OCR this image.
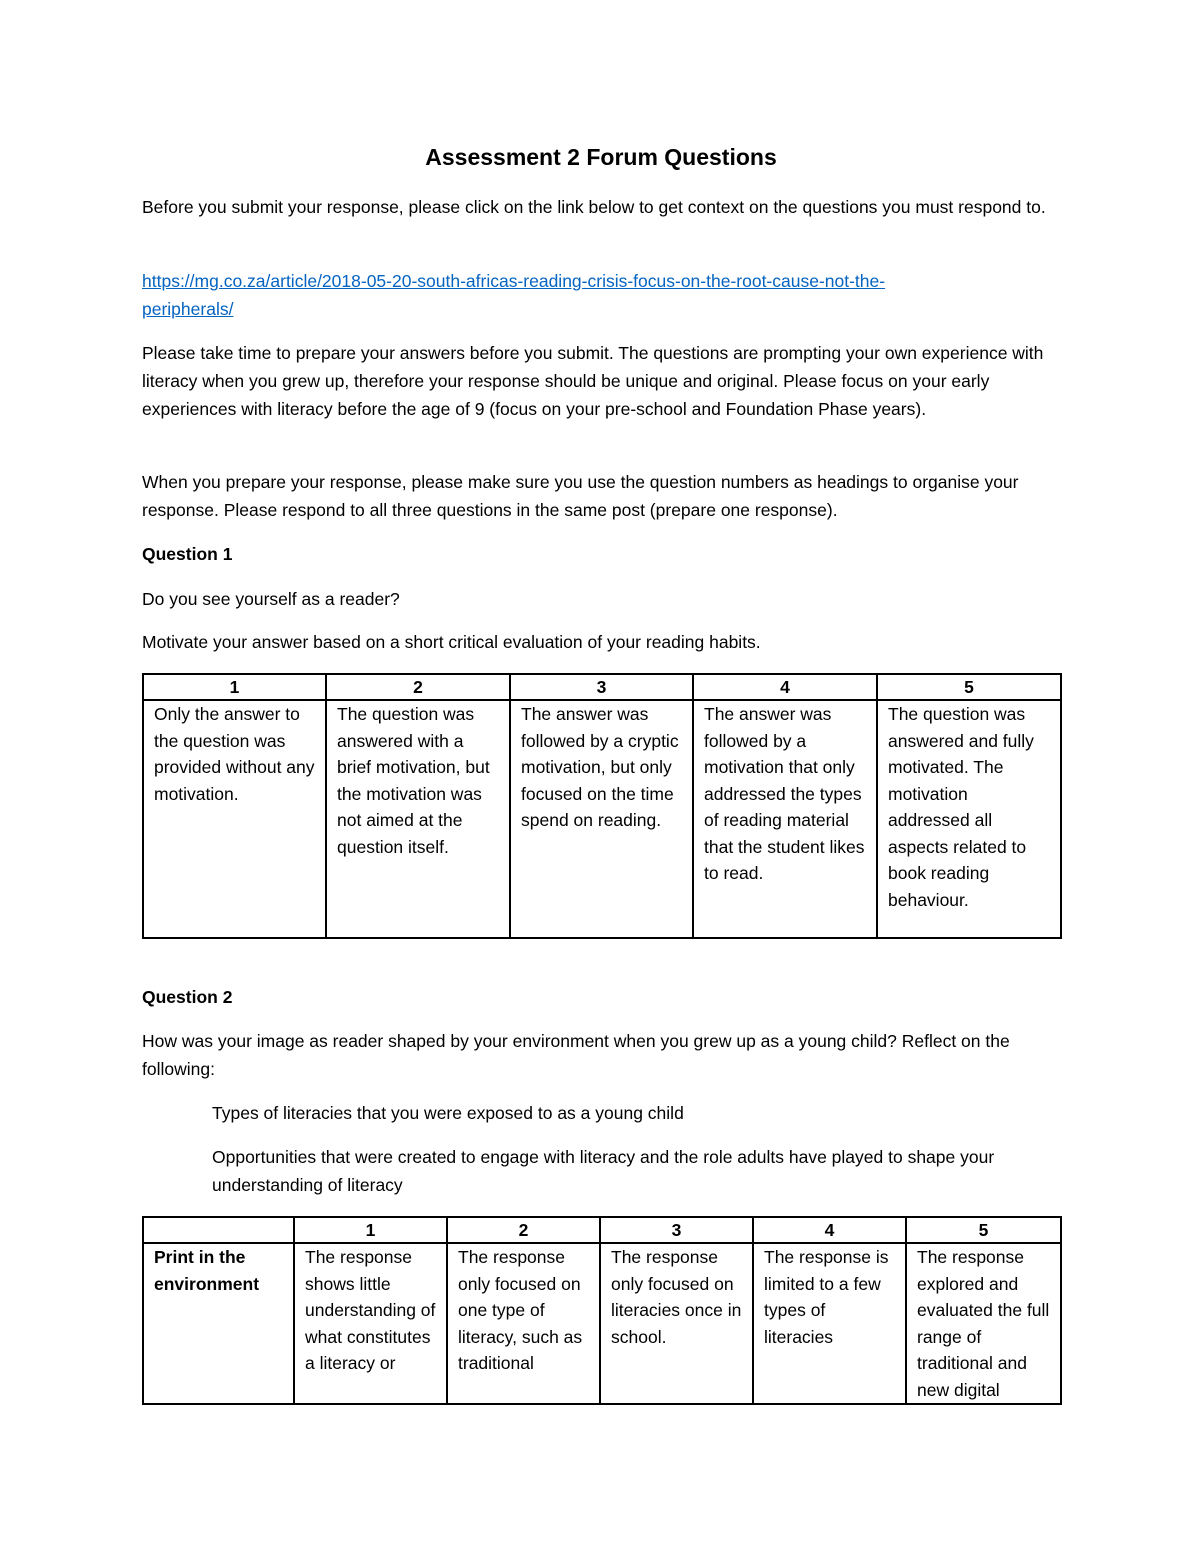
Assessment 2 Forum Questions

Before you submit your response, please click on the link below to get context on the questions you must respond to.

https://mg.co.za/article/2018-05-20-south-africas-reading-crisis-focus-on-the-root-cause-not-the-
peripherals/

Please take time to prepare your answers before you submit. The questions are prompting your own experience with literacy when you grew up, therefore your response should be unique and original. Please focus on your early experiences with literacy before the age of 9 (focus on your pre-school and Foundation Phase years).

When you prepare your response, please make sure you use the question numbers as headings to organise your response. Please respond to all three questions in the same post (prepare one response).

Question 1

Do you see yourself as a reader?

Motivate your answer based on a short critical evaluation of your reading habits.

1	2	3	4	5
Only the answer to the question was provided without any motivation.	The question was answered with a brief motivation, but the motivation was not aimed at the question itself.	The answer was followed by a cryptic motivation, but only focused on the time spend on reading.	The answer was followed by a motivation that only addressed the types of reading material that the student likes to read.	The question was answered and fully motivated. The motivation addressed all aspects related to book reading behaviour.

Question 2

How was your image as reader shaped by your environment when you grew up as a young child? Reflect on the following:

Types of literacies that you were exposed to as a young child

Opportunities that were created to engage with literacy and the role adults have played to shape your understanding of literacy

	1	2	3	4	5
Print in the environment	The response shows little understanding of what constitutes a literacy or	The response only focused on one type of literacy, such as traditional	The response only focused on literacies once in school.	The response is limited to a few types of literacies	The response explored and evaluated the full range of traditional and new digital
